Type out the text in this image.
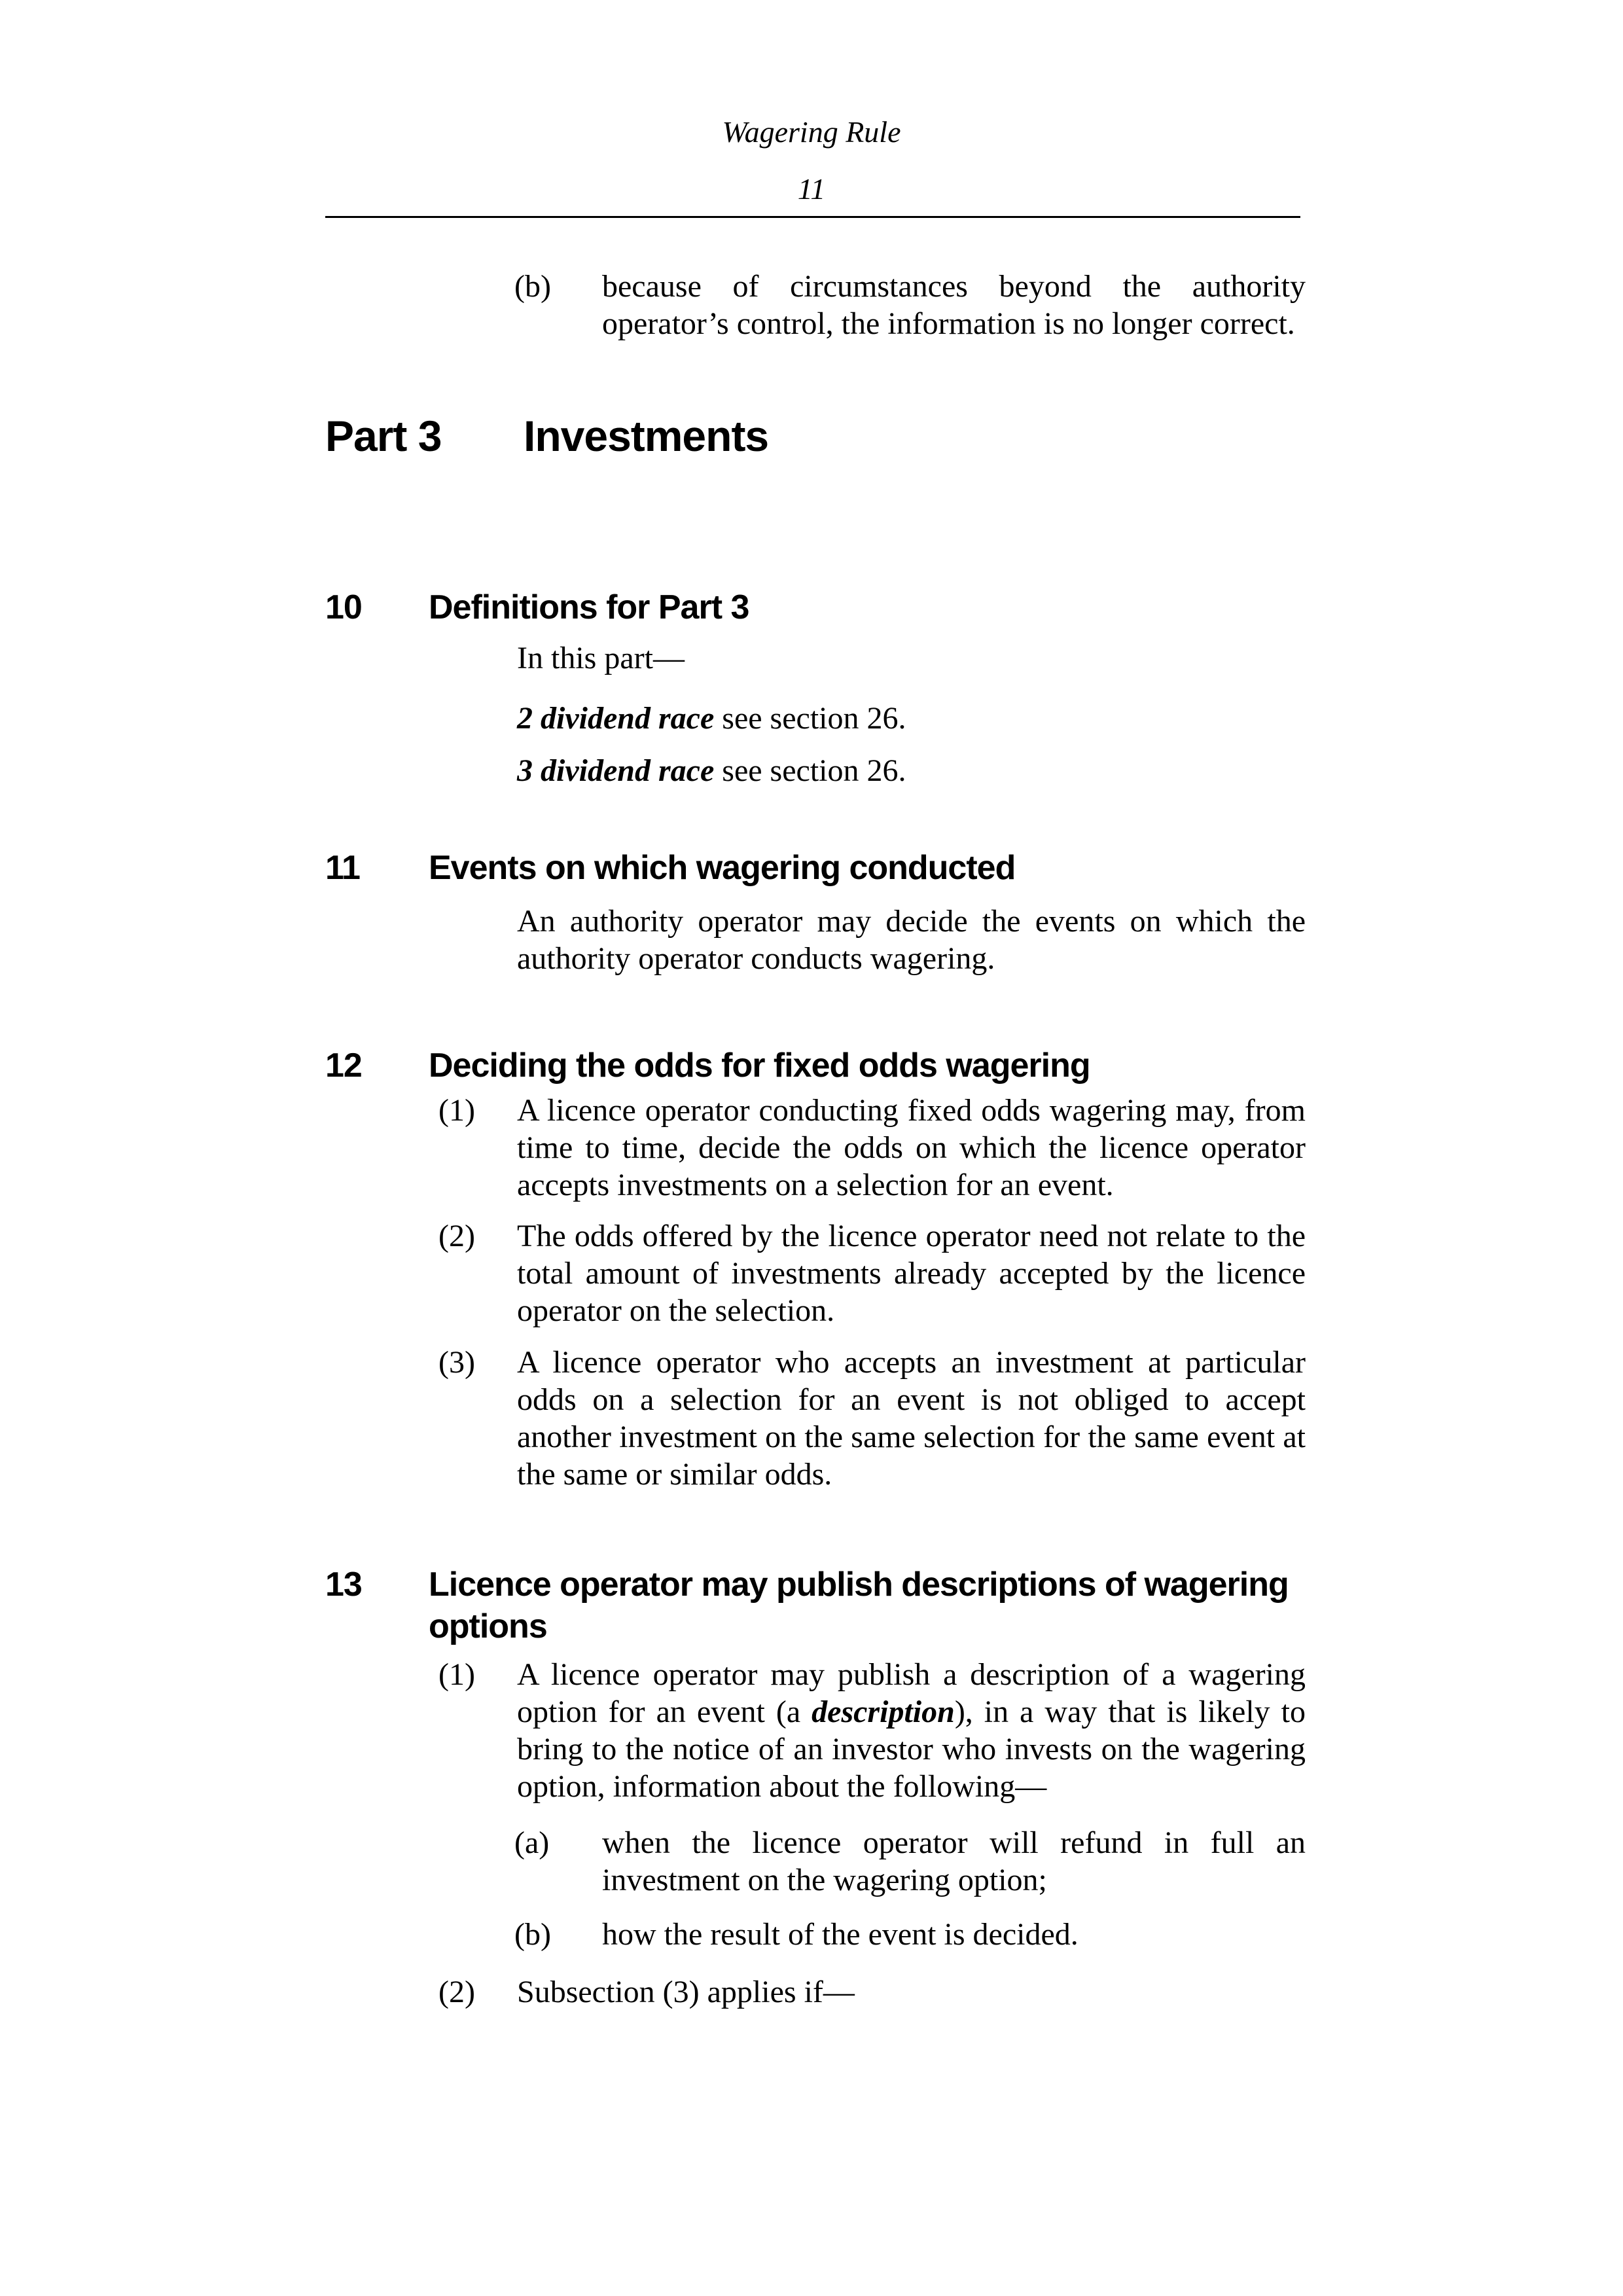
Wagering Rule
11
(b)	because of circumstances beyond the authority operator’s control, the information is no longer correct.
Part 3	Investments
10	Definitions for Part 3
In this part—
2 dividend race see section 26.
3 dividend race see section 26.
11	Events on which wagering conducted
An authority operator may decide the events on which the authority operator conducts wagering.
12	Deciding the odds for fixed odds wagering
(1)	A licence operator conducting fixed odds wagering may, from time to time, decide the odds on which the licence operator accepts investments on a selection for an event.
(2)	The odds offered by the licence operator need not relate to the total amount of investments already accepted by the licence operator on the selection.
(3)	A licence operator who accepts an investment at particular odds on a selection for an event is not obliged to accept another investment on the same selection for the same event at the same or similar odds.
13	Licence operator may publish descriptions of wagering options
(1)	A licence operator may publish a description of a wagering option for an event (a description), in a way that is likely to bring to the notice of an investor who invests on the wagering option, information about the following—
(a)	when the licence operator will refund in full an investment on the wagering option;
(b)	how the result of the event is decided.
(2)	Subsection (3) applies if—
